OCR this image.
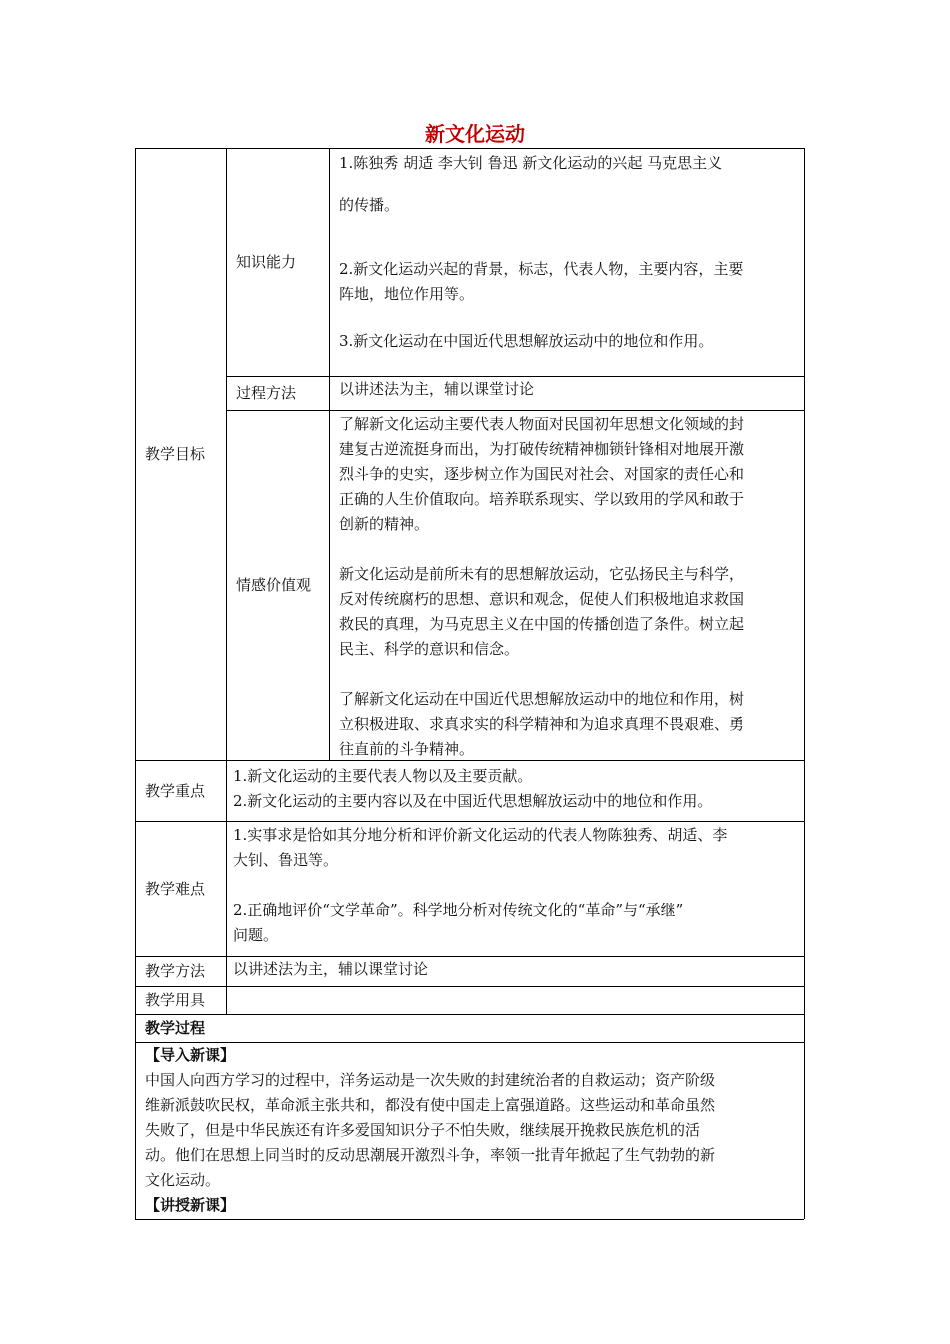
新文化运动
教学目标
知识能力

1.陈独秀 胡适 李大钊 鲁迅 新文化运动的兴起 马克思主义

的传播。

2.新文化运动兴起的背景，标志，代表人物，主要内容，主要

阵地，地位作用等。

3.新文化运动在中国近代思想解放运动中的地位和作用。

过程方法	以讲述法为主，辅以课堂讨论
情感价值观

了解新文化运动主要代表人物面对民国初年思想文化领域的封

建复古逆流挺身而出，为打破传统精神枷锁针锋相对地展开激

烈斗争的史实，逐步树立作为国民对社会、对国家的责任心和

正确的人生价值取向。培养联系现实、学以致用的学风和敢于

创新的精神。

新文化运动是前所未有的思想解放运动，它弘扬民主与科学，

反对传统腐朽的思想、意识和观念，促使人们积极地追求救国

救民的真理，为马克思主义在中国的传播创造了条件。树立起

民主、科学的意识和信念。

了解新文化运动在中国近代思想解放运动中的地位和作用，树

立积极进取、求真求实的科学精神和为追求真理不畏艰难、勇

往直前的斗争精神。

教学重点

1.新文化运动的主要代表人物以及主要贡献。

2.新文化运动的主要内容以及在中国近代思想解放运动中的地位和作用。

教学难点

1.实事求是恰如其分地分析和评价新文化运动的代表人物陈独秀、胡适、李

大钊、鲁迅等。

2.正确地评价“文学革命”。科学地分析对传统文化的“革命”与“承继”

问题。

教学方法	以讲述法为主，辅以课堂讨论
教学用具
教学过程

【导入新课】

中国人向西方学习的过程中，洋务运动是一次失败的封建统治者的自救运动；资产阶级

维新派鼓吹民权，革命派主张共和，都没有使中国走上富强道路。这些运动和革命虽然

失败了，但是中华民族还有许多爱国知识分子不怕失败，继续展开挽救民族危机的活

动。他们在思想上同当时的反动思潮展开激烈斗争，率领一批青年掀起了生气勃勃的新

文化运动。

【讲授新课】
